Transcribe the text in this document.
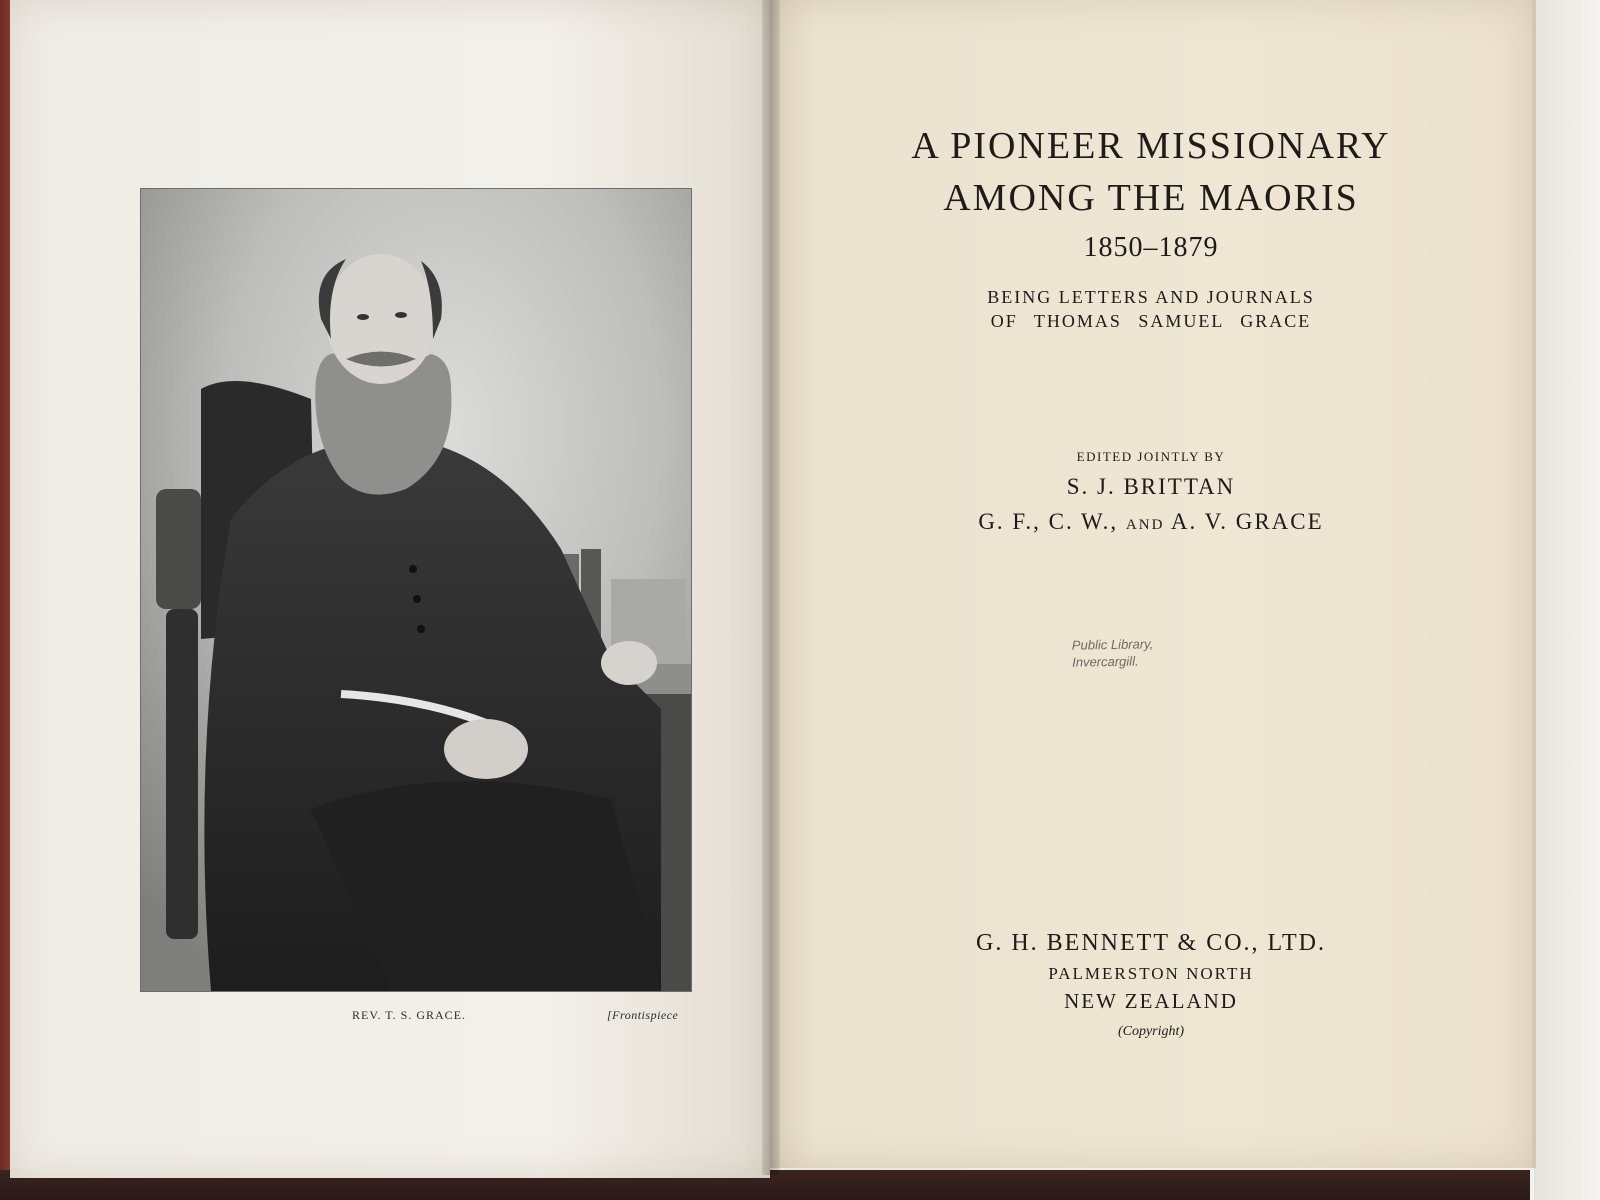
REV. T. S. GRACE.	[Frontispiece
A PIONEER MISSIONARY
AMONG THE MAORIS
1850–1879
BEING LETTERS AND JOURNALS
OF THOMAS SAMUEL GRACE
EDITED JOINTLY BY
S. J. BRITTAN
G. F., C. W., AND A. V. GRACE
Public Library,
Invercargill.
G. H. BENNETT & CO., LTD.
PALMERSTON NORTH
NEW ZEALAND
(Copyright)
